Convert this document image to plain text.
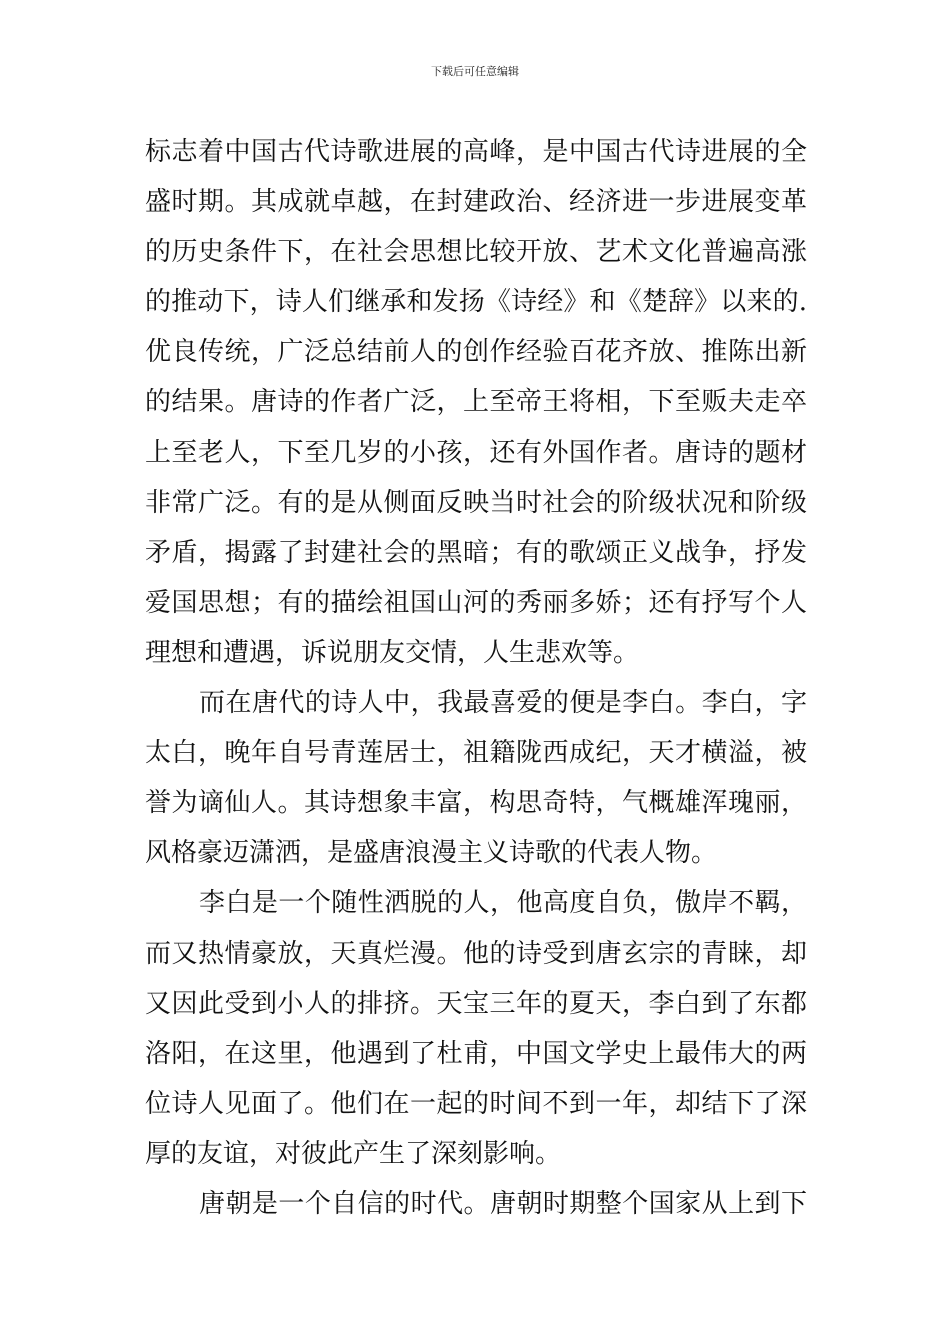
下载后可任意编辑
标志着中国古代诗歌进展的高峰，是中国古代诗进展的全
盛时期。其成就卓越，在封建政治、经济进一步进展变革
的历史条件下，在社会思想比较开放、艺术文化普遍高涨
的推动下，诗人们继承和发扬《诗经》和《楚辞》以来的.
优良传统，广泛总结前人的创作经验百花齐放、推陈出新
的结果。唐诗的作者广泛，上至帝王将相，下至贩夫走卒
上至老人，下至几岁的小孩，还有外国作者。唐诗的题材
非常广泛。有的是从侧面反映当时社会的阶级状况和阶级
矛盾，揭露了封建社会的黑暗；有的歌颂正义战争，抒发
爱国思想；有的描绘祖国山河的秀丽多娇；还有抒写个人
理想和遭遇，诉说朋友交情，人生悲欢等。
而在唐代的诗人中，我最喜爱的便是李白。李白，字
太白，晚年自号青莲居士，祖籍陇西成纪，天才横溢，被
誉为谪仙人。其诗想象丰富，构思奇特，气概雄浑瑰丽，
风格豪迈潇洒，是盛唐浪漫主义诗歌的代表人物。
李白是一个随性洒脱的人，他高度自负，傲岸不羁，
而又热情豪放，天真烂漫。他的诗受到唐玄宗的青睐，却
又因此受到小人的排挤。天宝三年的夏天，李白到了东都
洛阳，在这里，他遇到了杜甫，中国文学史上最伟大的两
位诗人见面了。他们在一起的时间不到一年，却结下了深
厚的友谊，对彼此产生了深刻影响。
唐朝是一个自信的时代。唐朝时期整个国家从上到下
